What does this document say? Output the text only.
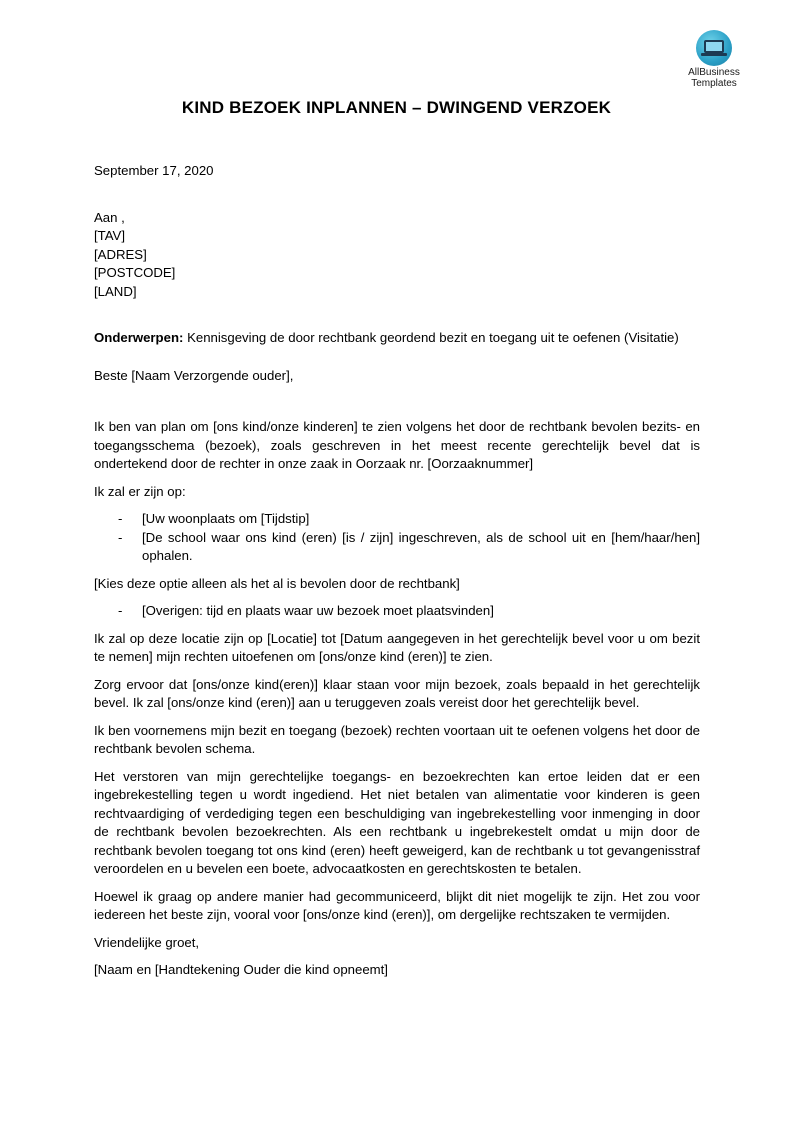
AllBusiness
Templates
KIND BEZOEK INPLANNEN – DWINGEND VERZOEK

September 17, 2020

Aan ,

[TAV]

[ADRES]

[POSTCODE]

[LAND]

Onderwerpen: Kennisgeving de door rechtbank geordend bezit en toegang uit te oefenen (Visitatie)

Beste [Naam Verzorgende ouder],

Ik ben van plan om [ons kind/onze kinderen] te zien volgens het door de rechtbank bevolen bezits- en toegangsschema (bezoek), zoals geschreven in het meest recente gerechtelijk bevel dat is ondertekend door de rechter in onze zaak in Oorzaak nr. [Oorzaaknummer]

Ik zal er zijn op:

- [Uw woonplaats om [Tijdstip]
- [De school waar ons kind (eren) [is / zijn] ingeschreven, als de school uit en [hem/haar/hen] ophalen.

[Kies deze optie alleen als het al is bevolen door de rechtbank]

- [Overigen: tijd en plaats waar uw bezoek moet plaatsvinden]

Ik zal op deze locatie zijn op [Locatie] tot [Datum aangegeven in het gerechtelijk bevel voor u om bezit te nemen] mijn rechten uitoefenen om [ons/onze kind (eren)] te zien.

Zorg ervoor dat [ons/onze kind(eren)] klaar staan voor mijn bezoek, zoals bepaald in het gerechtelijk bevel. Ik zal [ons/onze kind (eren)] aan u teruggeven zoals vereist door het gerechtelijk bevel.

Ik ben voornemens mijn bezit en toegang (bezoek) rechten voortaan uit te oefenen volgens het door de rechtbank bevolen schema.

Het verstoren van mijn gerechtelijke toegangs- en bezoekrechten kan ertoe leiden dat er een ingebrekestelling tegen u wordt ingediend. Het niet betalen van alimentatie voor kinderen is geen rechtvaardiging of verdediging tegen een beschuldiging van ingebrekestelling voor inmenging in door de rechtbank bevolen bezoekrechten. Als een rechtbank u ingebrekestelt omdat u mijn door de rechtbank bevolen toegang tot ons kind (eren) heeft geweigerd, kan de rechtbank u tot gevangenisstraf veroordelen en u bevelen een boete, advocaatkosten en gerechtskosten te betalen.

Hoewel ik graag op andere manier had gecommuniceerd, blijkt dit niet mogelijk te zijn. Het zou voor iedereen het beste zijn, vooral voor [ons/onze kind (eren)], om dergelijke rechtszaken te vermijden.

Vriendelijke groet,

[Naam en [Handtekening Ouder die kind opneemt]
